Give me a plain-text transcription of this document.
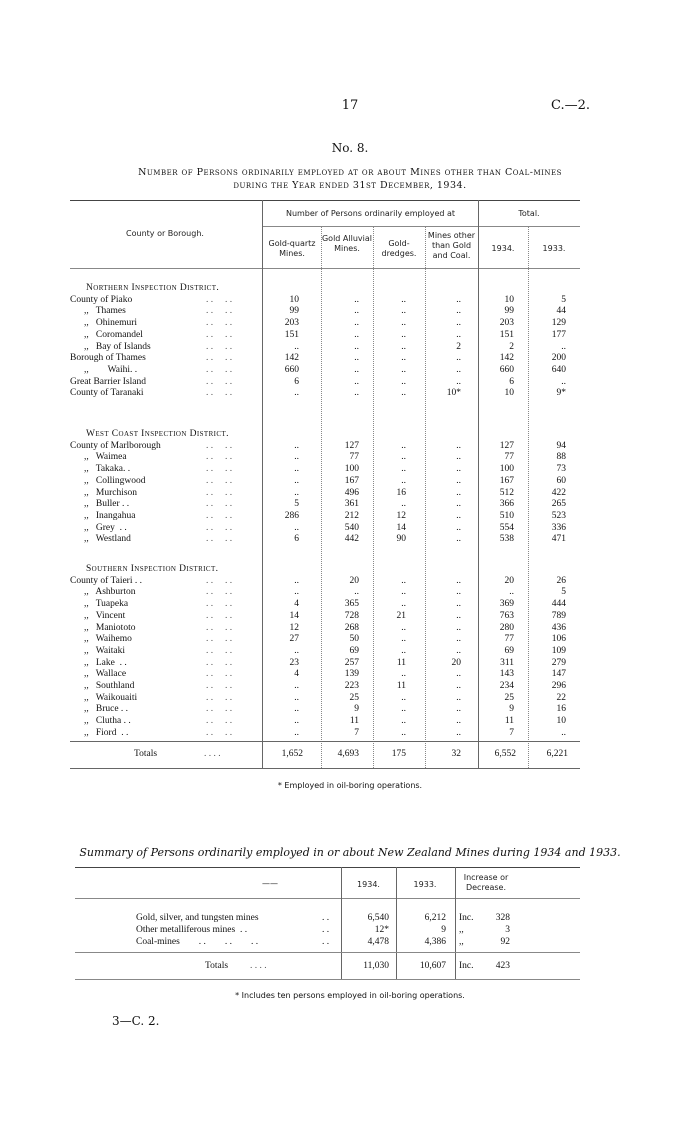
17	C.—2.
No. 8.
Number of Persons ordinarily employed at or about Mines other than Coal-mines
during the Year ended 31st December, 1934.
County or Borough.
Number of Persons ordinarily employed at	Total.
Gold-quartz Mines.
Gold Alluvial Mines.
Gold-dredges.
Mines other than Gold and Coal.
1934.	1933.
Northern Inspection District.
County of Piako	. .     . .	10	..	..	..	10	5
,,   Thames	. .     . .	99	..	..	..	99	44
,,   Ohinemuri	. .     . .	203	..	..	..	203	129
,,   Coromandel	. .     . .	151	..	..	..	151	177
,,   Bay of Islands	. .     . .	..	..	..	2	2	..
Borough of Thames	. .     . .	142	..	..	..	142	200
,,        Waihi. .	. .     . .	660	..	..	..	660	640
Great Barrier Island	. .     . .	6	..	..	..	6	..
County of Taranaki	. .     . .	..	..	..	10*	10	9*
West Coast Inspection District.
County of Marlborough	. .     . .	..	127	..	..	127	94
,,   Waimea	. .     . .	..	77	..	..	77	88
,,   Takaka. .	. .     . .	..	100	..	..	100	73
,,   Collingwood	. .     . .	..	167	..	..	167	60
,,   Murchison	. .     . .	..	496	16	..	512	422
,,   Buller . .	. .     . .	5	361	..	..	366	265
,,   Inangahua	. .     . .	286	212	12	..	510	523
,,   Grey  . .	. .     . .	..	540	14	..	554	336
,,   Westland	. .     . .	6	442	90	..	538	471
Southern Inspection District.
County of Taieri . .	. .     . .	..	20	..	..	20	26
,,   Ashburton	. .     . .	..	..	..	..	..	5
,,   Tuapeka	. .     . .	4	365	..	..	369	444
,,   Vincent	. .     . .	14	728	21	..	763	789
,,   Maniototo	. .     . .	12	268	..	..	280	436
,,   Waihemo	. .     . .	27	50	..	..	77	106
,,   Waitaki	. .     . .	..	69	..	..	69	109
,,   Lake  . .	. .     . .	23	257	11	20	311	279
,,   Wallace	. .     . .	4	139	..	..	143	147
,,   Southland	. .     . .	..	223	11	..	234	296
,,   Waikouaiti	. .     . .	..	25	..	..	25	22
,,   Bruce . .	. .     . .	..	9	..	..	9	16
,,   Clutha . .	. .     . .	..	11	..	..	11	10
,,   Fiord  . .	. .     . .	..	7	..	..	7	..
Totals	. . . .	1,652	4,693	175	32	6,552	6,221
* Employed in oil-boring operations.
Summary of Persons ordinarily employed in or about New Zealand Mines during 1934 and 1933.
——	1934.	1933.
Increase or Decrease.
Gold, silver, and tungsten mines	. .	6,540	6,212 Inc.	328
Other metalliferous mines  . .	. .	12*	9 ,,	3
Coal-mines        . .        . .        . .	. .	4,478	4,386 ,,	92
Totals . . . .	11,030	10,607 Inc.	423
* Includes ten persons employed in oil-boring operations.
3—C. 2.
